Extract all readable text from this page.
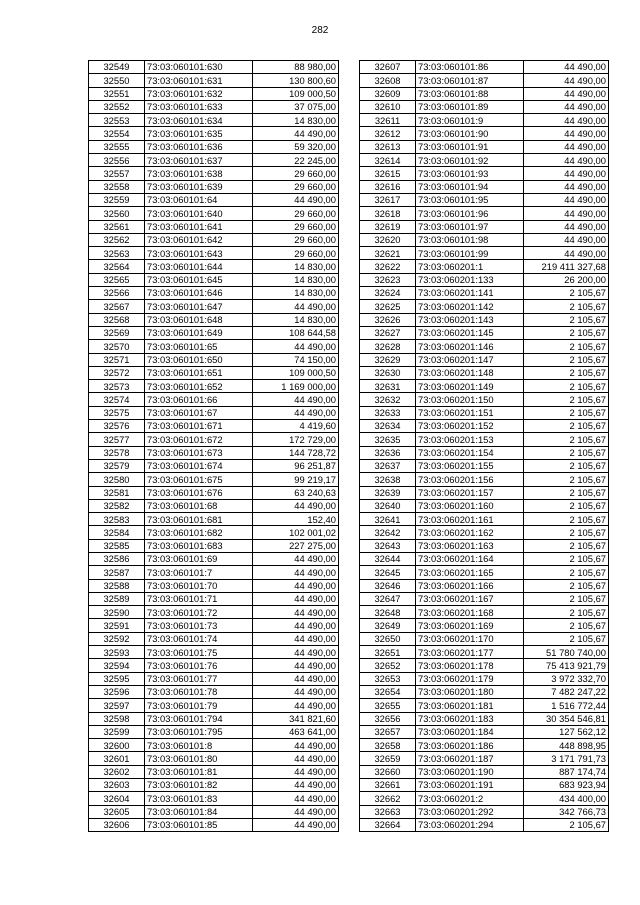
282
32549	73:03:060101:630	88 980,00
32550	73:03:060101:631	130 800,60
32551	73:03:060101:632	109 000,50
32552	73:03:060101:633	37 075,00
32553	73:03:060101:634	14 830,00
32554	73:03:060101:635	44 490,00
32555	73:03:060101:636	59 320,00
32556	73:03:060101:637	22 245,00
32557	73:03:060101:638	29 660,00
32558	73:03:060101:639	29 660,00
32559	73:03:060101:64	44 490,00
32560	73:03:060101:640	29 660,00
32561	73:03:060101:641	29 660,00
32562	73:03:060101:642	29 660,00
32563	73:03:060101:643	29 660,00
32564	73:03:060101:644	14 830,00
32565	73:03:060101:645	14 830,00
32566	73:03:060101:646	14 830,00
32567	73:03:060101:647	44 490,00
32568	73:03:060101:648	14 830,00
32569	73:03:060101:649	108 644,58
32570	73:03:060101:65	44 490,00
32571	73:03:060101:650	74 150,00
32572	73:03:060101:651	109 000,50
32573	73:03:060101:652	1 169 000,00
32574	73:03:060101:66	44 490,00
32575	73:03:060101:67	44 490,00
32576	73:03:060101:671	4 419,60
32577	73:03:060101:672	172 729,00
32578	73:03:060101:673	144 728,72
32579	73:03:060101:674	96 251,87
32580	73:03:060101:675	99 219,17
32581	73:03:060101:676	63 240,63
32582	73:03:060101:68	44 490,00
32583	73:03:060101:681	152,40
32584	73:03:060101:682	102 001,02
32585	73:03:060101:683	227 275,00
32586	73:03:060101:69	44 490,00
32587	73:03:060101:7	44 490,00
32588	73:03:060101:70	44 490,00
32589	73:03:060101:71	44 490,00
32590	73:03:060101:72	44 490,00
32591	73:03:060101:73	44 490,00
32592	73:03:060101:74	44 490,00
32593	73:03:060101:75	44 490,00
32594	73:03:060101:76	44 490,00
32595	73:03:060101:77	44 490,00
32596	73:03:060101:78	44 490,00
32597	73:03:060101:79	44 490,00
32598	73:03:060101:794	341 821,60
32599	73:03:060101:795	463 641,00
32600	73:03:060101:8	44 490,00
32601	73:03:060101:80	44 490,00
32602	73:03:060101:81	44 490,00
32603	73:03:060101:82	44 490,00
32604	73:03:060101:83	44 490,00
32605	73:03:060101:84	44 490,00
32606	73:03:060101:85	44 490,00
32607	73:03:060101:86	44 490,00
32608	73:03:060101:87	44 490,00
32609	73:03:060101:88	44 490,00
32610	73:03:060101:89	44 490,00
32611	73:03:060101:9	44 490,00
32612	73:03:060101:90	44 490,00
32613	73:03:060101:91	44 490,00
32614	73:03:060101:92	44 490,00
32615	73:03:060101:93	44 490,00
32616	73:03:060101:94	44 490,00
32617	73:03:060101:95	44 490,00
32618	73:03:060101:96	44 490,00
32619	73:03:060101:97	44 490,00
32620	73:03:060101:98	44 490,00
32621	73:03:060101:99	44 490,00
32622	73:03:060201:1	219 411 327,68
32623	73:03:060201:133	26 200,00
32624	73:03:060201:141	2 105,67
32625	73:03:060201:142	2 105,67
32626	73:03:060201:143	2 105,67
32627	73:03:060201:145	2 105,67
32628	73:03:060201:146	2 105,67
32629	73:03:060201:147	2 105,67
32630	73:03:060201:148	2 105,67
32631	73:03:060201:149	2 105,67
32632	73:03:060201:150	2 105,67
32633	73:03:060201:151	2 105,67
32634	73:03:060201:152	2 105,67
32635	73:03:060201:153	2 105,67
32636	73:03:060201:154	2 105,67
32637	73:03:060201:155	2 105,67
32638	73:03:060201:156	2 105,67
32639	73:03:060201:157	2 105,67
32640	73:03:060201:160	2 105,67
32641	73:03:060201:161	2 105,67
32642	73:03:060201:162	2 105,67
32643	73:03:060201:163	2 105,67
32644	73:03:060201:164	2 105,67
32645	73:03:060201:165	2 105,67
32646	73:03:060201:166	2 105,67
32647	73:03:060201:167	2 105,67
32648	73:03:060201:168	2 105,67
32649	73:03:060201:169	2 105,67
32650	73:03:060201:170	2 105,67
32651	73:03:060201:177	51 780 740,00
32652	73:03:060201:178	75 413 921,79
32653	73:03:060201:179	3 972 332,70
32654	73:03:060201:180	7 482 247,22
32655	73:03:060201:181	1 516 772,44
32656	73:03:060201:183	30 354 546,81
32657	73:03:060201:184	127 562,12
32658	73:03:060201:186	448 898,95
32659	73:03:060201:187	3 171 791,73
32660	73:03:060201:190	887 174,74
32661	73:03:060201:191	683 923,94
32662	73:03:060201:2	434 400,00
32663	73:03:060201:292	342 766,73
32664	73:03:060201:294	2 105,67
